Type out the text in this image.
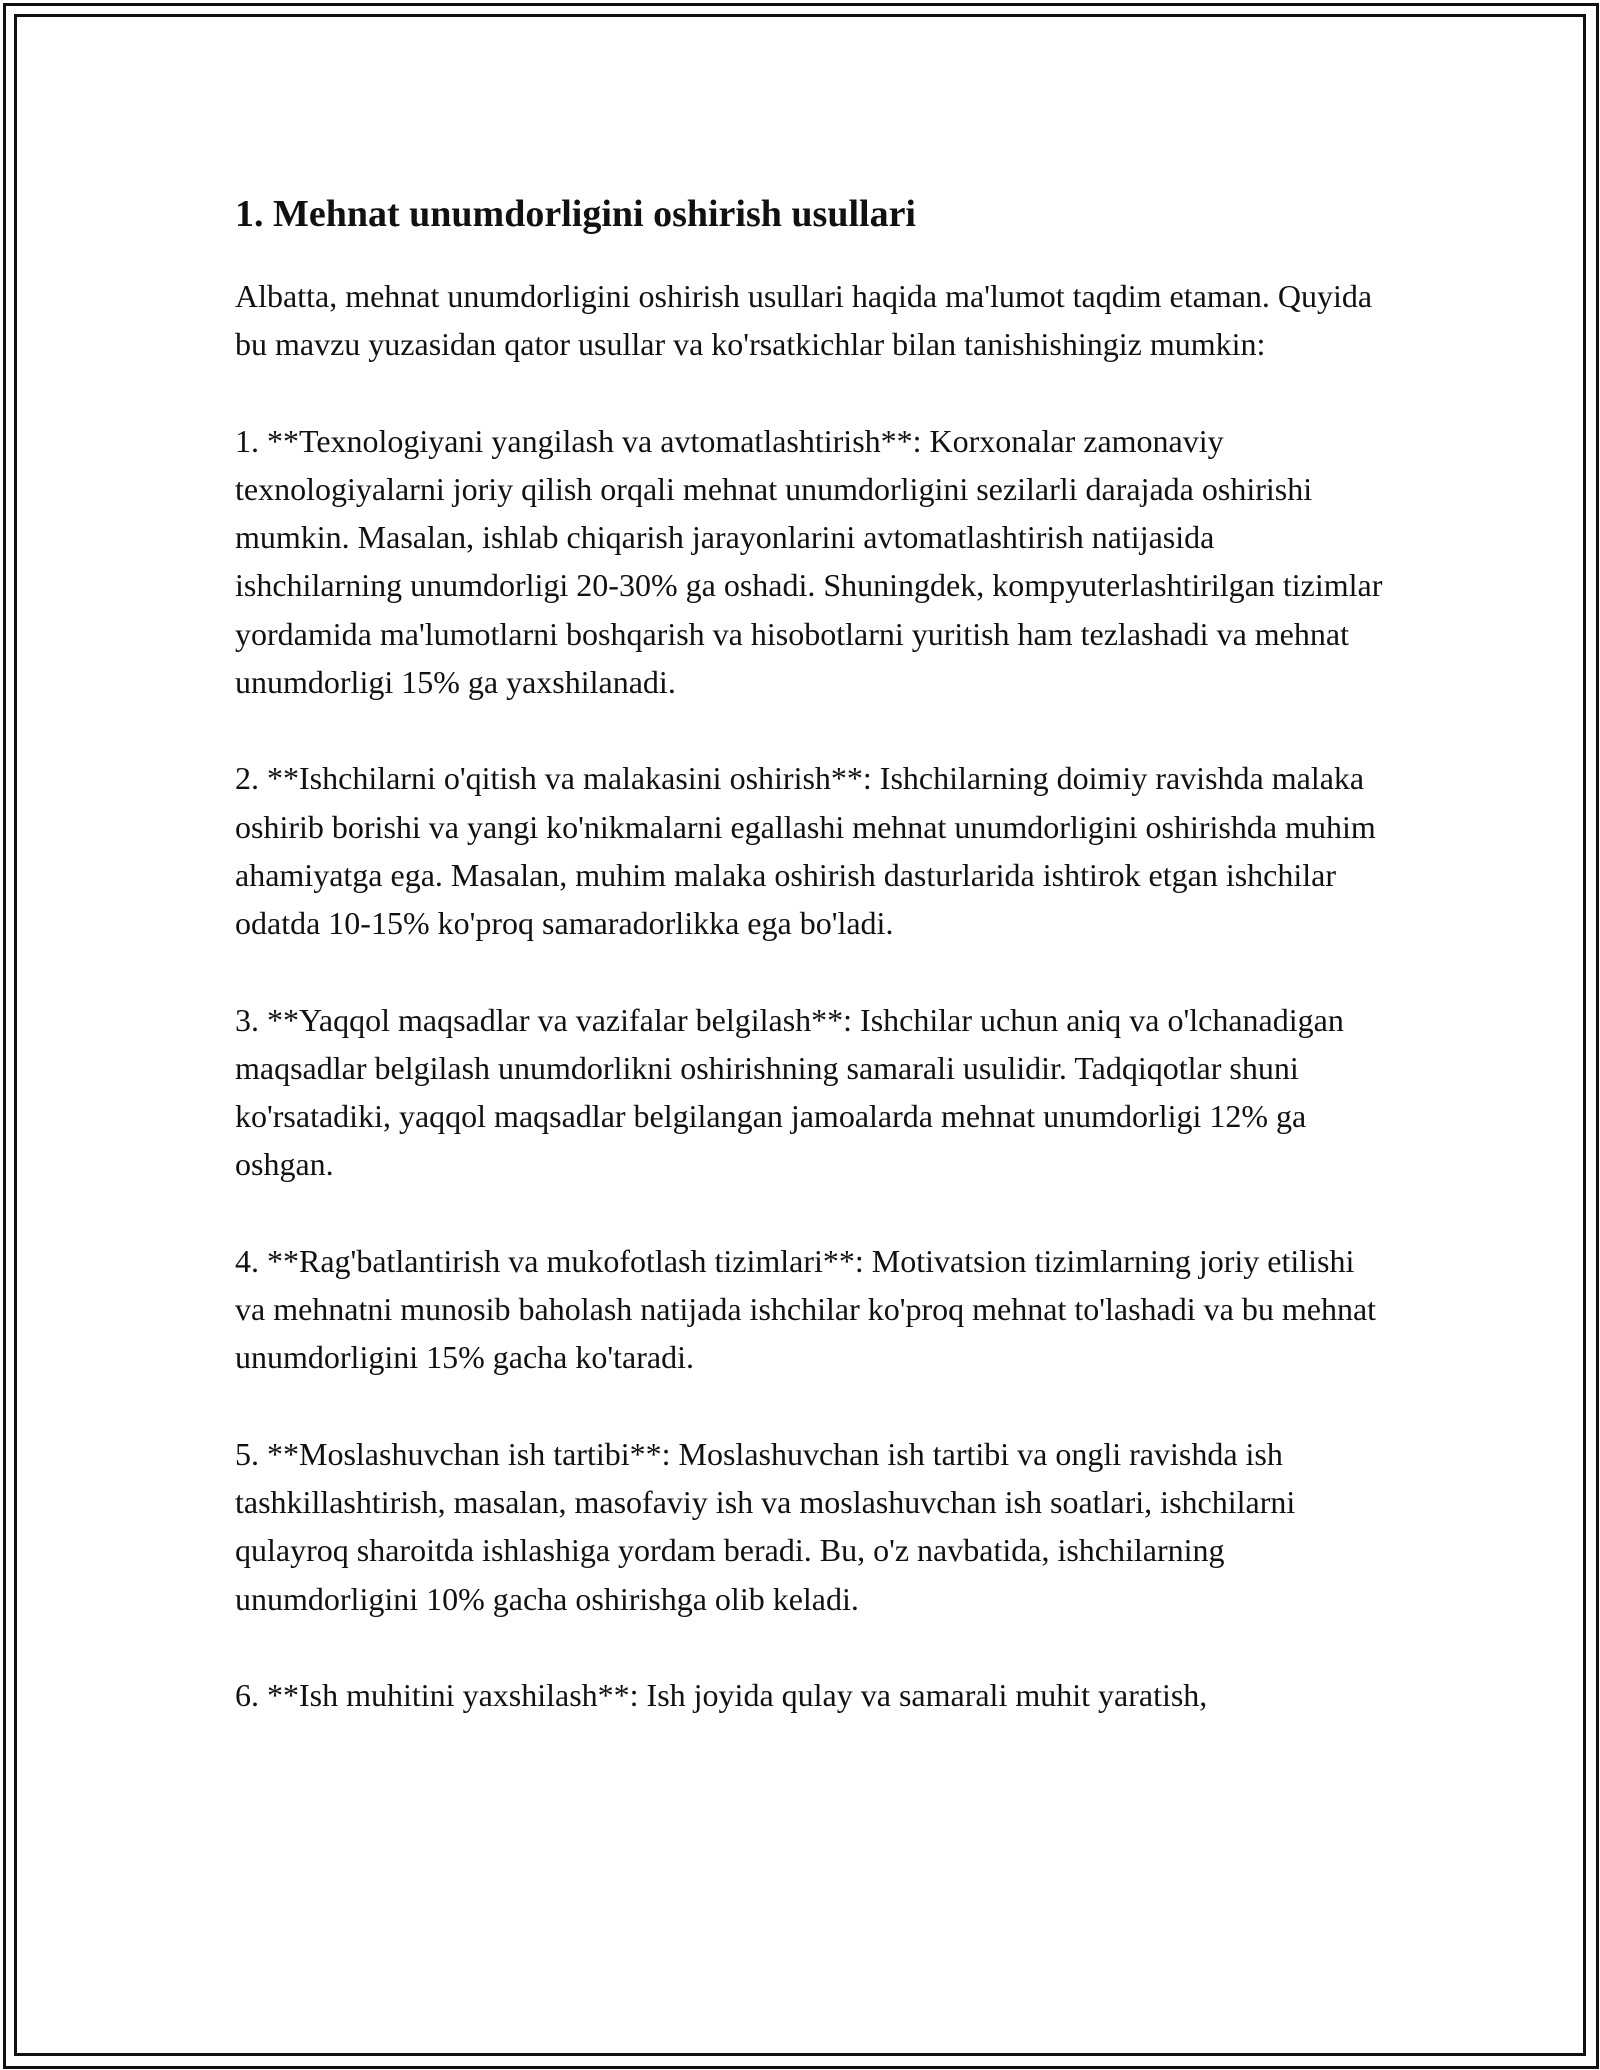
1. Mehnat unumdorligini oshirish usullari

Albatta, mehnat unumdorligini oshirish usullari haqida ma'lumot taqdim etaman. Quyida bu mavzu yuzasidan qator usullar va ko'rsatkichlar bilan tanishishingiz mumkin:

1. **Texnologiyani yangilash va avtomatlashtirish**: Korxonalar zamonaviy texnologiyalarni joriy qilish orqali mehnat unumdorligini sezilarli darajada oshirishi mumkin. Masalan, ishlab chiqarish jarayonlarini avtomatlashtirish natijasida ishchilarning unumdorligi 20-30% ga oshadi. Shuningdek, kompyuterlashtirilgan tizimlar yordamida ma'lumotlarni boshqarish va hisobotlarni yuritish ham tezlashadi va mehnat unumdorligi 15% ga yaxshilanadi.

2. **Ishchilarni o'qitish va malakasini oshirish**: Ishchilarning doimiy ravishda malaka oshirib borishi va yangi ko'nikmalarni egallashi mehnat unumdorligini oshirishda muhim ahamiyatga ega. Masalan, muhim malaka oshirish dasturlarida ishtirok etgan ishchilar odatda 10-15% ko'proq samaradorlikka ega bo'ladi.

3. **Yaqqol maqsadlar va vazifalar belgilash**: Ishchilar uchun aniq va o'lchanadigan maqsadlar belgilash unumdorlikni oshirishning samarali usulidir. Tadqiqotlar shuni ko'rsatadiki, yaqqol maqsadlar belgilangan jamoalarda mehnat unumdorligi 12% ga oshgan.

4. **Rag'batlantirish va mukofotlash tizimlari**: Motivatsion tizimlarning joriy etilishi va mehnatni munosib baholash natijada ishchilar ko'proq mehnat to'lashadi va bu mehnat unumdorligini 15% gacha ko'taradi.

5. **Moslashuvchan ish tartibi**: Moslashuvchan ish tartibi va ongli ravishda ish tashkillashtirish, masalan, masofaviy ish va moslashuvchan ish soatlari, ishchilarni qulayroq sharoitda ishlashiga yordam beradi. Bu, o'z navbatida, ishchilarning unumdorligini 10% gacha oshirishga olib keladi.

6. **Ish muhitini yaxshilash**: Ish joyida qulay va samarali muhit yaratish,
